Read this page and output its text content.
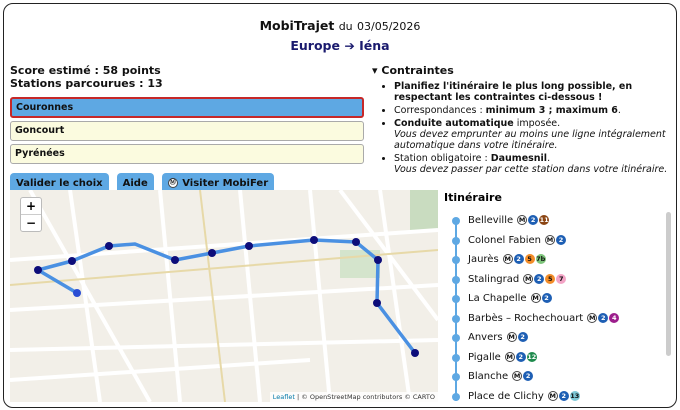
MobiTrajet du 03/05/2026
Europe ➔ Iéna
Score estimé : 58 points
Stations parcourues : 13
Couronnes
Goncourt
Pyrénées
Valider le choix	Aide	Ⓜ Visiter MobiFer
▾ Contraintes
• Planifiez l'itinéraire le plus long possible, en respectant les contraintes ci-dessous !
• Correspondances : minimum 3 ; maximum 6.
• Conduite automatique imposée.
Vous devez emprunter au moins une ligne intégralement automatique dans votre itinéraire.
• Station obligatoire : Daumesnil.
Vous devez passer par cette station dans votre itinéraire.
+
−
Leaflet | © OpenStreetMap contributors © CARTO
Itinéraire
Belleville M 2 11
Colonel Fabien M 2
Jaurès M 2 5 7b
Stalingrad M 2 5 7
La Chapelle M 2
Barbès – Rochechouart M 2 4
Anvers M 2
Pigalle M 2 12
Blanche M 2
Place de Clichy M 2 13
